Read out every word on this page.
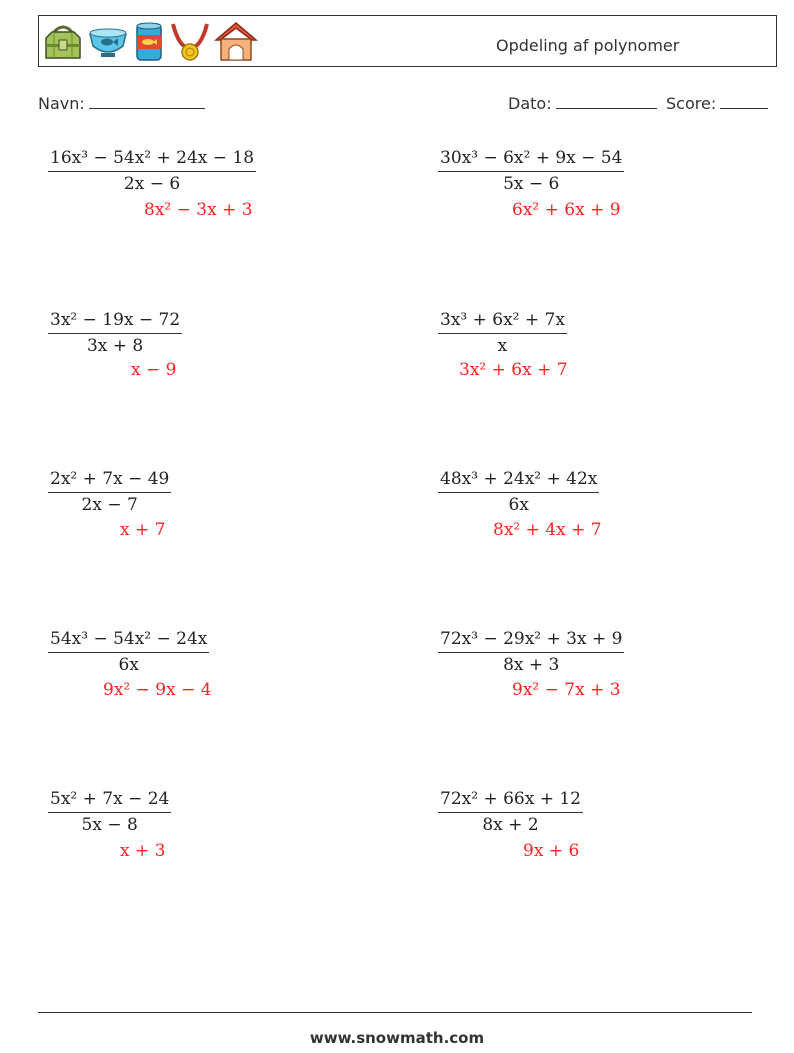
Opdeling af polynomer
Navn:	Dato:	Score:
$\frac{\text{16x³ − 54x² + 24x − 18}}{2x - 6}$
8x² − 3x + 3
$\frac{\text{30x³ − 6x² + 9x − 54}}{5x - 6}$
6x² + 6x + 9
$\frac{\text{3x² − 19x − 72}}{3x + 8}$
x − 9
$\frac{\text{3x³ + 6x² + 7x}}{x}$
3x² + 6x + 7
$\frac{\text{2x² + 7x − 49}}{2x - 7}$
x + 7
$\frac{\text{48x³ + 24x² + 42x}}{6x}$
8x² + 4x + 7
$\frac{\text{54x³ − 54x² − 24x}}{6x}$
9x² − 9x − 4
$\frac{\text{72x³ − 29x² + 3x + 9}}{8x + 3}$
9x² − 7x + 3
$\frac{\text{5x² + 7x − 24}}{5x - 8}$
x + 3
$\frac{\text{72x² + 66x + 12}}{8x + 2}$
9x + 6
www.snowmath.com
